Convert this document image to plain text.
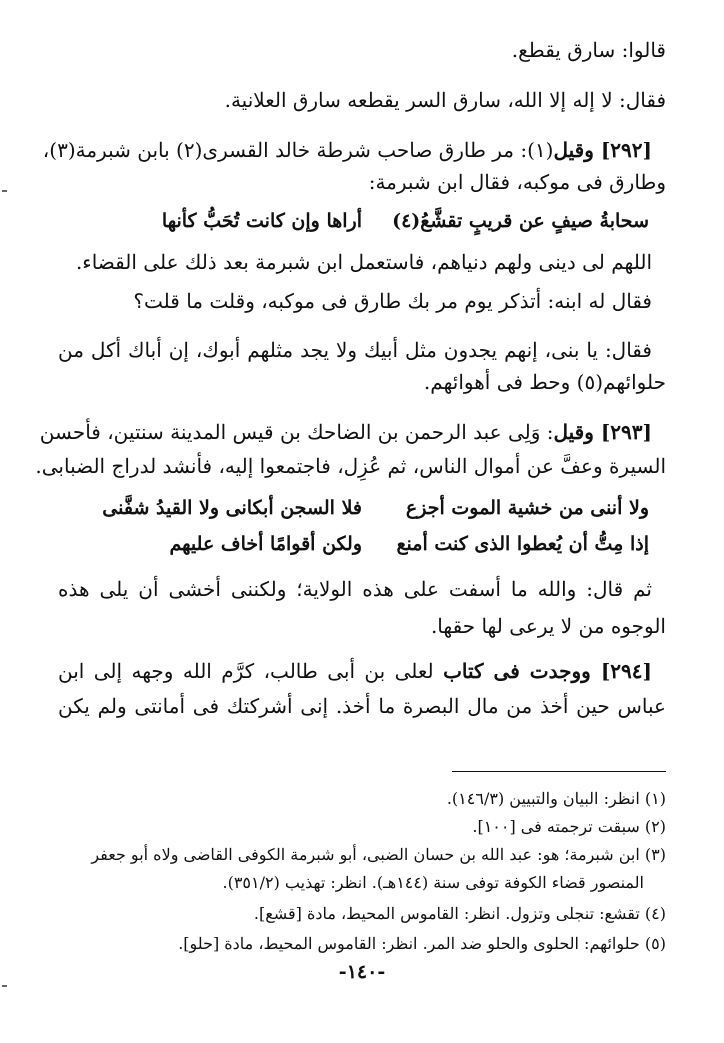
قالوا: سارق يقطع.
فقال: لا إله إلا الله، سارق السر يقطعه سارق العلانية.
[٢٩٢] وقيل(١): مر طارق صاحب شرطة خالد القسرى(٢) بابن شبرمة(٣)،
وطارق فى موكبه، فقال ابن شبرمة:
أراها وإن كانت تُحَبُّ كأنها سحابةُ صيفٍ عن قريبٍ تقشَّعُ(٤)
اللهم لى دينى ولهم دنياهم، فاستعمل ابن شبرمة بعد ذلك على القضاء.
فقال له ابنه: أتذكر يوم مر بك طارق فى موكبه، وقلت ما قلت؟
فقال: يا بنى، إنهم يجدون مثل أبيك ولا يجد مثلهم أبوك، إن أباك أكل من
حلوائهم(٥) وحط فى أهوائهم.
[٢٩٣] وقيل: وَلِى عبد الرحمن بن الضاحك بن قيس المدينة سنتين، فأحسن
السيرة وعفَّ عن أموال الناس، ثم عُزِل، فاجتمعوا إليه، فأنشد لدراج الضبابى.
فلا السجن أبكانى ولا القيدُ شفَّنى ولا أننى من خشية الموت أجزع
ولكن أقوامًا أخاف عليهم إذا مِتُّ أن يُعطوا الذى كنت أمنع
ثم قال: والله ما أسفت على هذه الولاية؛ ولكننى أخشى أن يلى هذه
الوجوه من لا يرعى لها حقها.
[٢٩٤] ووجدت فى كتاب لعلى بن أبى طالب، كرَّم الله وجهه إلى ابن
عباس حين أخذ من مال البصرة ما أخذ. إنى أشركتك فى أمانتى ولم يكن
(١) انظر: البيان والتبيين (١٤٦/٣).
(٢) سبقت ترجمته فى [١٠٠].
(٣) ابن شبرمة؛ هو: عبد الله بن حسان الضبى، أبو شبرمة الكوفى القاضى ولاه أبو جعفر
المنصور قضاء الكوفة توفى سنة (١٤٤هـ). انظر: تهذيب (٣٥١/٢).
(٤) تقشع: تنجلى وتزول. انظر: القاموس المحيط، مادة [قشع].
(٥) حلوائهم: الحلوى والحلو ضد المر. انظر: القاموس المحيط، مادة [حلو].
-١٤٠-
